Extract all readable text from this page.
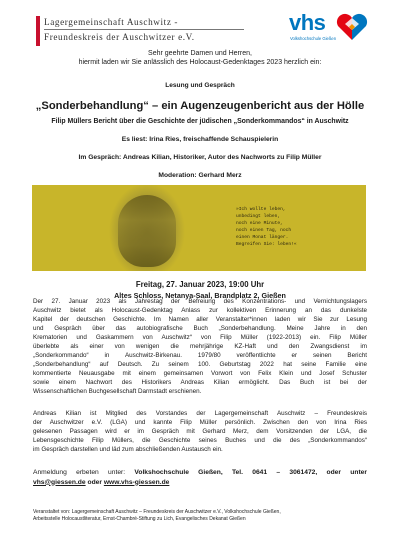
Lagergemeinschaft Auschwitz -
Freundeskreis der Auschwitzer e.V.
vhs
Volkshochschule Gießen
Sehr geehrte Damen und Herren,
hiermit laden wir Sie anlässlich des Holocaust-Gedenktages 2023 herzlich ein:
Lesung und Gespräch
„Sonderbehandlung“ – ein Augenzeugenbericht aus der Hölle
Filip Müllers Bericht über die Geschichte der jüdischen „Sonderkommandos“ in Auschwitz
Es liest: Irina Ries, freischaffende Schauspielerin
Im Gespräch: Andreas Kilian, Historiker, Autor des Nachworts zu Filip Müller
Moderation: Gerhard Merz
»Ich wollte leben,
unbedingt leben,
noch eine Minute,
noch einen Tag, noch
einen Monat länger.
Begreifen Sie: leben!«
Freitag, 27. Januar 2023, 19:00 Uhr
Altes Schloss, Netanya-Saal, Brandplatz 2, Gießen
Der 27. Januar 2023 als Jahrestag der Befreiung des Konzentrations- und Vernichtungslagers
Auschwitz bietet als Holocaust-Gedenktag Anlass zur kollektiven Erinnerung an das dunkelste
Kapitel der deutschen Geschichte. Im Namen aller Veranstalter*innen laden wir Sie zur Lesung
und Gespräch über das autobiografische Buch „Sonderbehandlung. Meine Jahre in den
Krematorien und Gaskammern von Auschwitz“ von Filip Müller (1922-2013) ein. Filip Müller
überlebte als einer von wenigen die mehrjährige KZ-Haft und den Zwangsdienst im
„Sonderkommando“ in Auschwitz-Birkenau. 1979/80 veröffentlichte er seinen Bericht
„Sonderbehandlung“ auf Deutsch. Zu seinem 100. Geburtstag 2022 hat seine Familie eine
kommentierte Neuausgabe mit einem gemeinsamen Vorwort von Felix Klein und Josef Schuster
sowie einem Nachwort des Historikers Andreas Kilian ermöglicht. Das Buch ist bei der
Wissenschaftlichen Buchgesellschaft Darmstadt erschienen.
Andreas Kilian ist Mitglied des Vorstandes der Lagergemeinschaft Auschwitz – Freundeskreis
der Auschwitzer e.V. (LGA) und kannte Filip Müller persönlich. Zwischen den von Irina Ries
gelesenen Passagen wird er im Gespräch mit Gerhard Merz, dem Vorsitzenden der LGA, die
Lebensgeschichte Filip Müllers, die Geschichte seines Buches und die des „Sonderkommandos“
im Gespräch darstellen und läd zum abschließenden Austausch ein.
Anmeldung erbeten unter: Volkshochschule Gießen, Tel. 0641 – 3061472, oder unter
vhs@giessen.de oder www.vhs-giessen.de
Veranstaltet von: Lagergemeinschaft Auschwitz – Freundeskreis der Auschwitzer e.V., Volkshochschule Gießen,
Arbeitsstelle Holocaustliteratur, Ernst-Chambré-Stiftung zu Lich, Evangelisches Dekanat Gießen
